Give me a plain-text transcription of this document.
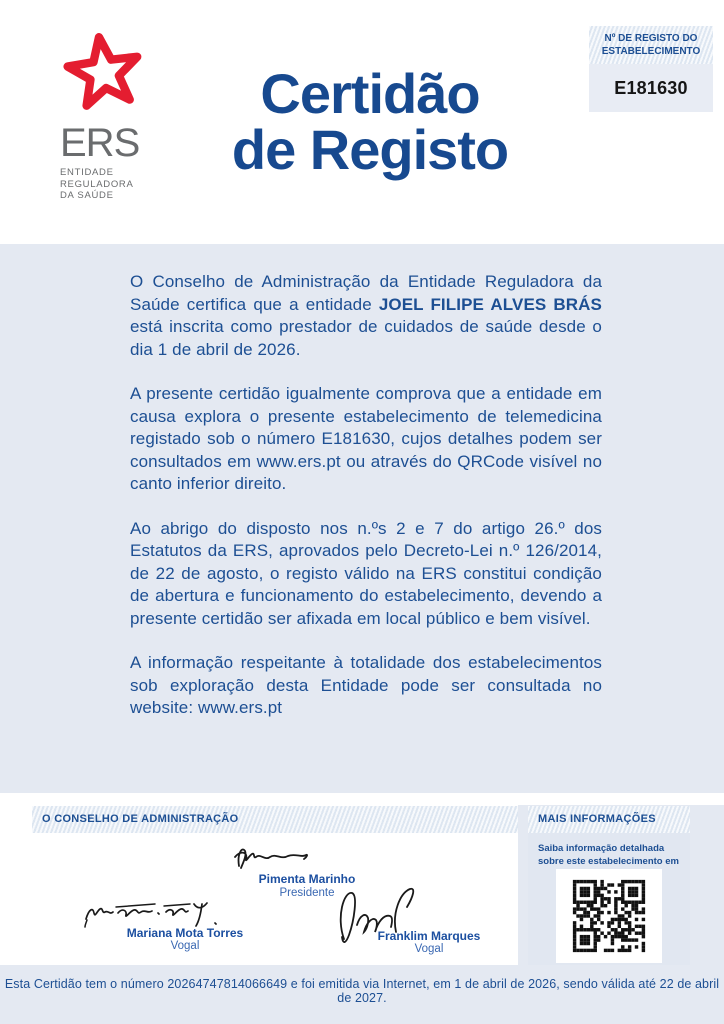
ERS
ENTIDADE
REGULADORA
DA SAÚDE
Certidão
de Registo
Nº DE REGISTO DO ESTABELECIMENTO
E181630

O Conselho de Administração da Entidade Reguladora da Saúde certifica que a entidade JOEL FILIPE ALVES BRÁS está inscrita como prestador de cuidados de saúde desde o dia 1 de abril de 2026.

A presente certidão igualmente comprova que a entidade em causa explora o presente estabelecimento de telemedicina registado sob o número E181630, cujos detalhes podem ser consultados em www.ers.pt ou através do QRCode visível no canto inferior direito.

Ao abrigo do disposto nos n.ºs 2 e 7 do artigo 26.º dos Estatutos da ERS, aprovados pelo Decreto-Lei n.º 126/2014, de 22 de agosto, o registo válido na ERS constitui condição de abertura e funcionamento do estabelecimento, devendo a presente certidão ser afixada em local público e bem visível.

A informação respeitante à totalidade dos estabelecimentos sob exploração desta Entidade pode ser consultada no website: www.ers.pt

O CONSELHO DE ADMINISTRAÇÃO
Pimenta Marinho
Presidente
Mariana Mota Torres
Vogal
Franklim Marques
Vogal
MAIS INFORMAÇÕES
Saiba informação detalhada sobre este estabelecimento em

Esta Certidão tem o número 20264747814066649 e foi emitida via Internet, em 1 de abril de 2026, sendo válida até 22 de abril de 2027.
